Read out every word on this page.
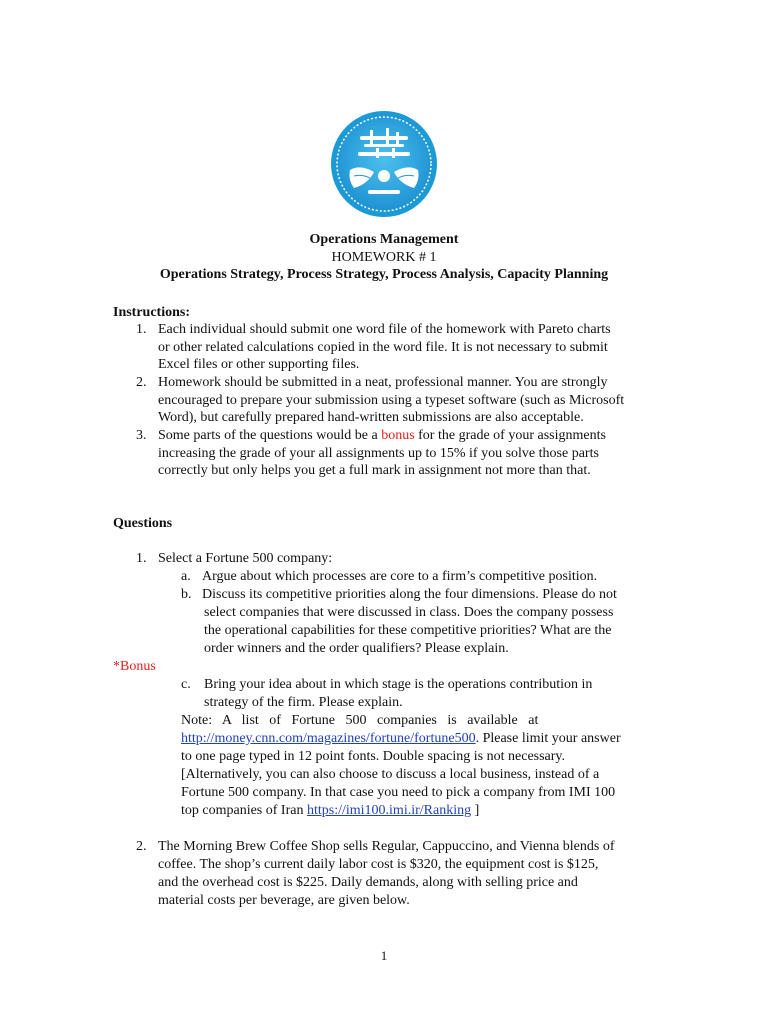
Operations Management
HOMEWORK # 1
Operations Strategy, Process Strategy, Process Analysis, Capacity Planning
Instructions:
1. Each individual should submit one word file of the homework with Pareto charts
or other related calculations copied in the word file. It is not necessary to submit
Excel files or other supporting files.
2. Homework should be submitted in a neat, professional manner. You are strongly
encouraged to prepare your submission using a typeset software (such as Microsoft
Word), but carefully prepared hand-written submissions are also acceptable.
3. Some parts of the questions would be a bonus for the grade of your assignments
increasing the grade of your all assignments up to 15% if you solve those parts
correctly but only helps you get a full mark in assignment not more than that.
Questions
1. Select a Fortune 500 company:
a. Argue about which processes are core to a firm’s competitive position.
b. Discuss its competitive priorities along the four dimensions. Please do not
select companies that were discussed in class. Does the company possess
the operational capabilities for these competitive priorities? What are the
order winners and the order qualifiers? Please explain.
*Bonus
c. Bring your idea about in which stage is the operations contribution in
strategy of the firm. Please explain.
Note:   A   list   of   Fortune   500   companies   is   available   at
http://money.cnn.com/magazines/fortune/fortune500. Please limit your answer
to one page typed in 12 point fonts. Double spacing is not necessary.
[Alternatively, you can also choose to discuss a local business, instead of a
Fortune 500 company. In that case you need to pick a company from IMI 100
top companies of Iran https://imi100.imi.ir/Ranking ]
2. The Morning Brew Coffee Shop sells Regular, Cappuccino, and Vienna blends of
coffee. The shop’s current daily labor cost is $320, the equipment cost is $125,
and the overhead cost is $225. Daily demands, along with selling price and
material costs per beverage, are given below.
1
